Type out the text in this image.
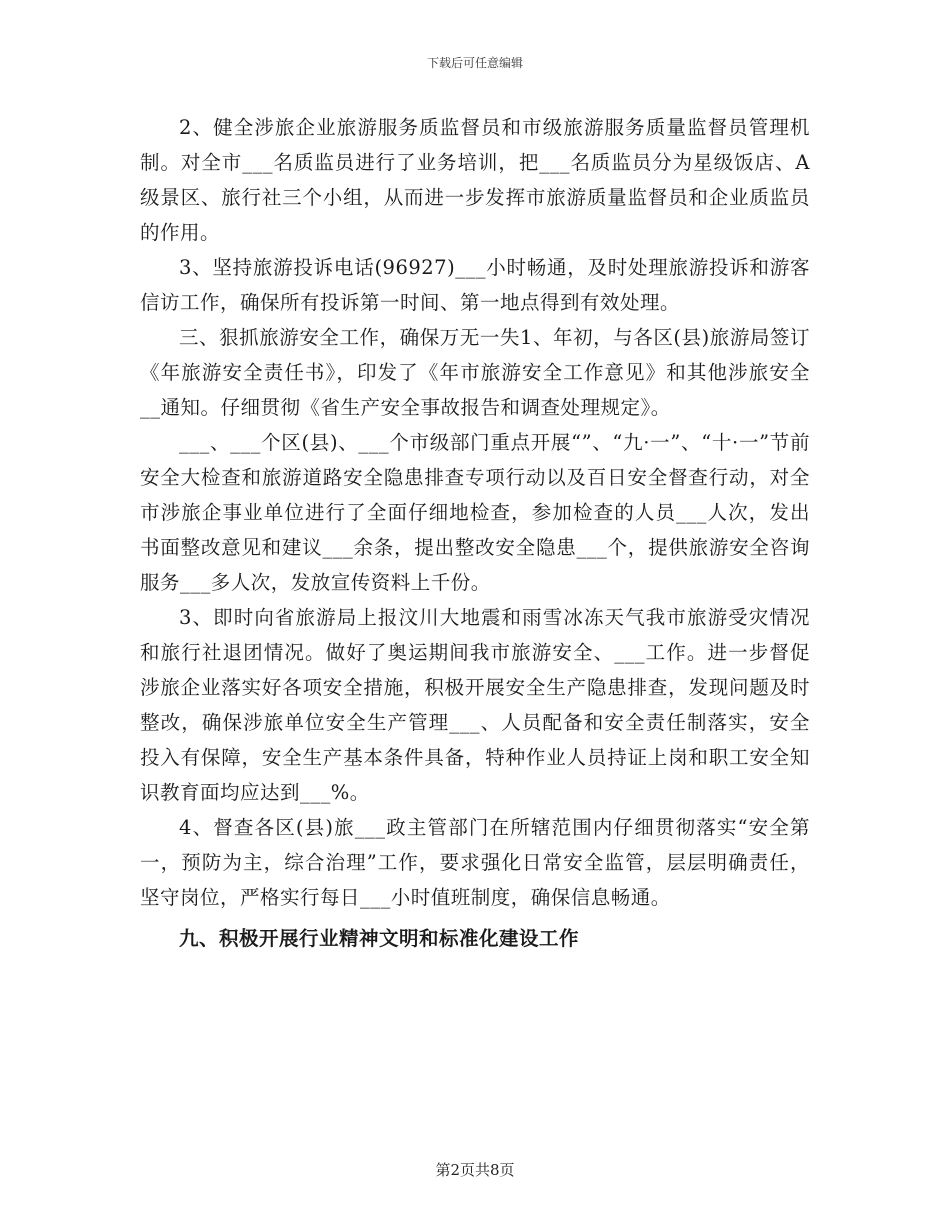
下载后可任意编辑

2、健全涉旅企业旅游服务质监督员和市级旅游服务质量监督员管理机制。对全市___名质监员进行了业务培训，把___名质监员分为星级饭店、A级景区、旅行社三个小组，从而进一步发挥市旅游质量监督员和企业质监员的作用。

3、坚持旅游投诉电话(96927)___小时畅通，及时处理旅游投诉和游客信访工作，确保所有投诉第一时间、第一地点得到有效处理。

三、狠抓旅游安全工作，确保万无一失1、年初，与各区(县)旅游局签订《年旅游安全责任书》，印发了《年市旅游安全工作意见》和其他涉旅安全__通知。仔细贯彻《省生产安全事故报告和调查处理规定》。

___、___个区(县)、___个市级部门重点开展“”、“九·一”、“十·一”节前安全大检查和旅游道路安全隐患排查专项行动以及百日安全督查行动，对全市涉旅企事业单位进行了全面仔细地检查，参加检查的人员___人次，发出书面整改意见和建议___余条，提出整改安全隐患___个，提供旅游安全咨询服务___多人次，发放宣传资料上千份。

3、即时向省旅游局上报汶川大地震和雨雪冰冻天气我市旅游受灾情况和旅行社退团情况。做好了奥运期间我市旅游安全、___工作。进一步督促涉旅企业落实好各项安全措施，积极开展安全生产隐患排查，发现问题及时整改，确保涉旅单位安全生产管理___、人员配备和安全责任制落实，安全投入有保障，安全生产基本条件具备，特种作业人员持证上岗和职工安全知识教育面均应达到___%。

4、督查各区(县)旅___政主管部门在所辖范围内仔细贯彻落实“安全第一，预防为主，综合治理”工作，要求强化日常安全监管，层层明确责任，坚守岗位，严格实行每日___小时值班制度，确保信息畅通。

九、积极开展行业精神文明和标准化建设工作

第2页共8页
